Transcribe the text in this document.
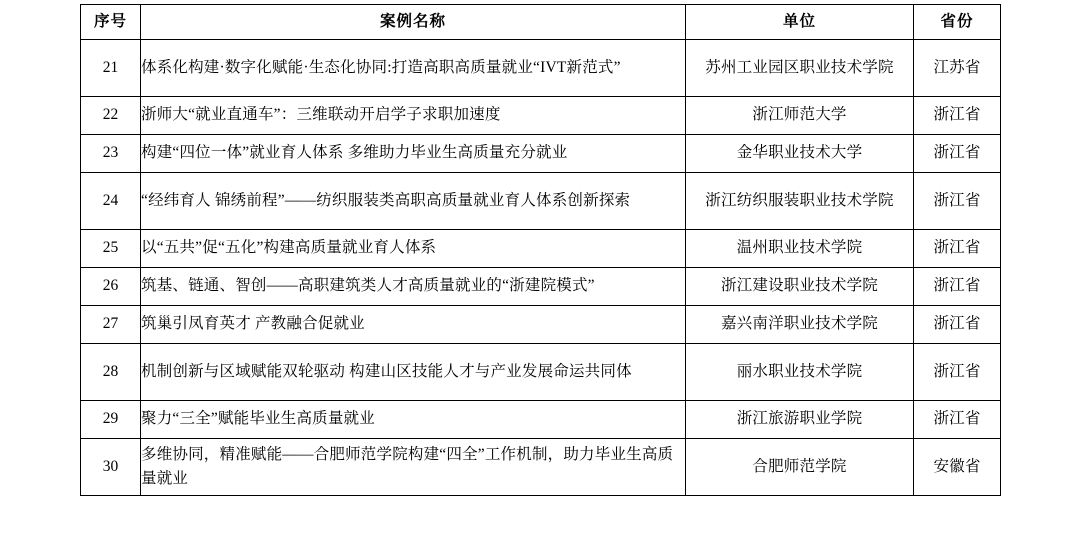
序号	案例名称	单位	省份
21	体系化构建·数字化赋能·生态化协同:打造高职高质量就业“IVT新范式”	苏州工业园区职业技术学院	江苏省
22	浙师大“就业直通车”：三维联动开启学子求职加速度	浙江师范大学	浙江省
23	构建“四位一体”就业育人体系 多维助力毕业生高质量充分就业	金华职业技术大学	浙江省
24	“经纬育人 锦绣前程”——纺织服装类高职高质量就业育人体系创新探索	浙江纺织服装职业技术学院	浙江省
25	以“五共”促“五化”构建高质量就业育人体系	温州职业技术学院	浙江省
26	筑基、链通、智创——高职建筑类人才高质量就业的“浙建院模式”	浙江建设职业技术学院	浙江省
27	筑巢引凤育英才 产教融合促就业	嘉兴南洋职业技术学院	浙江省
28	机制创新与区域赋能双轮驱动 构建山区技能人才与产业发展命运共同体	丽水职业技术学院	浙江省
29	聚力“三全”赋能毕业生高质量就业	浙江旅游职业学院	浙江省
30	多维协同，精准赋能——合肥师范学院构建“四全”工作机制，助力毕业生高质量就业	合肥师范学院	安徽省
